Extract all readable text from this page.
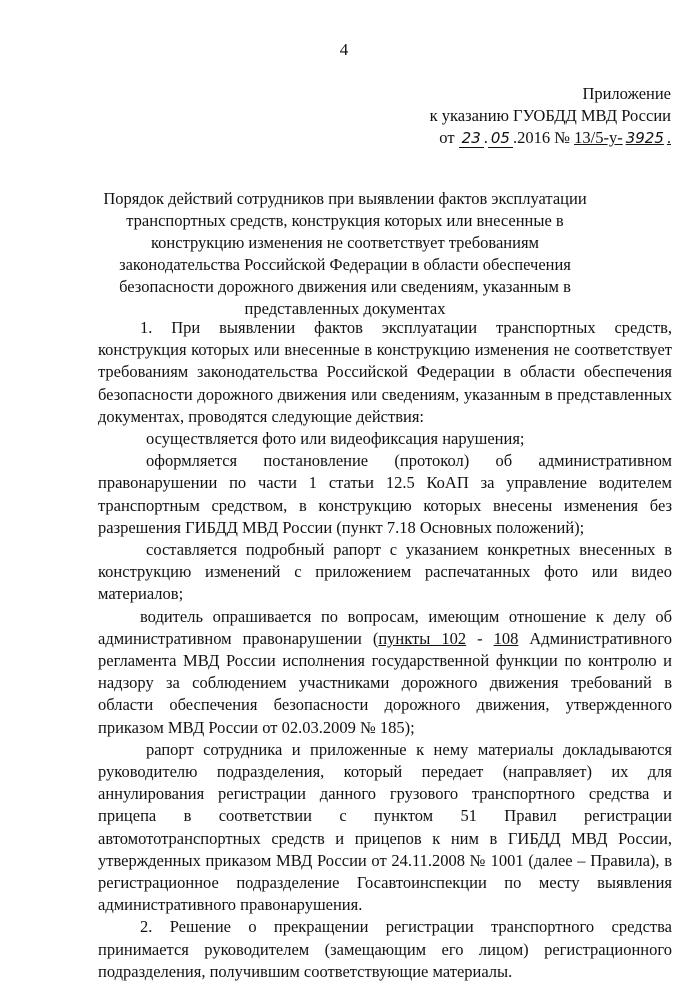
4
Приложение
к указанию ГУОБДД МВД России
от 23 . 05 .2016 № 13/5-у- 3925 .
Порядок действий сотрудников при выявлении фактов эксплуатации транспортных средств, конструкция которых или внесенные в конструкцию изменения не соответствует требованиям законодательства Российской Федерации в области обеспечения безопасности дорожного движения или сведениям, указанным в представленных документах

1. При выявлении фактов эксплуатации транспортных средств, конструкция которых или внесенные в конструкцию изменения не соответствует требованиям законодательства Российской Федерации в области обеспечения безопасности дорожного движения или сведениям, указанным в представленных документах, проводятся следующие действия:

осуществляется фото или видеофиксация нарушения;

оформляется постановление (протокол) об административном правонарушении по части 1 статьи 12.5 КоАП за управление водителем транспортным средством, в конструкцию которых внесены изменения без разрешения ГИБДД МВД России (пункт 7.18 Основных положений);

составляется подробный рапорт с указанием конкретных внесенных в конструкцию изменений с приложением распечатанных фото или видео материалов;

водитель опрашивается по вопросам, имеющим отношение к делу об административном правонарушении (пункты 102 - 108 Административного регламента МВД России исполнения государственной функции по контролю и надзору за соблюдением участниками дорожного движения требований в области обеспечения безопасности дорожного движения, утвержденного приказом МВД России от 02.03.2009 № 185);

рапорт сотрудника и приложенные к нему материалы докладываются руководителю подразделения, который передает (направляет) их для аннулирования регистрации данного грузового транспортного средства и прицепа в соответствии с пунктом 51 Правил регистрации автомототранспортных средств и прицепов к ним в ГИБДД МВД России, утвержденных приказом МВД России от 24.11.2008 № 1001 (далее – Правила), в регистрационное подразделение Госавтоинспекции по месту выявления административного правонарушения.

2. Решение о прекращении регистрации транспортного средства принимается руководителем (замещающим его лицом) регистрационного подразделения, получившим соответствующие материалы.
